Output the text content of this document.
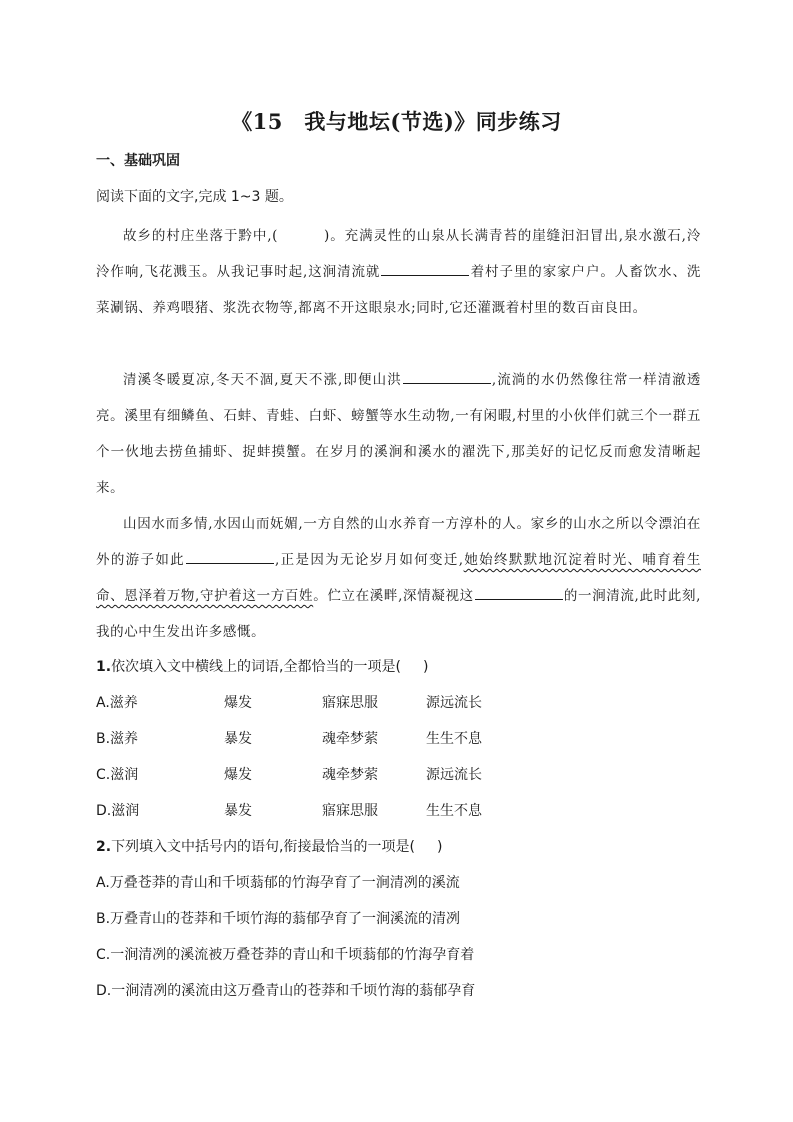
《15　我与地坛(节选)》同步练习
一、基础巩固
阅读下面的文字,完成 1~3 题。

故乡的村庄坐落于黔中,(	)。充满灵性的山泉从长满青苔的崖缝汩汩冒出,泉水激石,泠泠作响,飞花溅玉。从我记事时起,这涧清流就	着村子里的家家户户。人畜饮水、洗菜涮锅、养鸡喂猪、浆洗衣物等,都离不开这眼泉水;同时,它还灌溉着村里的数百亩良田。

清溪冬暖夏凉,冬天不涸,夏天不涨,即便山洪	,流淌的水仍然像往常一样清澈透亮。溪里有细鳞鱼、石蚌、青蛙、白虾、螃蟹等水生动物,一有闲暇,村里的小伙伴们就三个一群五个一伙地去捞鱼捕虾、捉蚌摸蟹。在岁月的溪涧和溪水的濯洗下,那美好的记忆反而愈发清晰起来。

山因水而多情,水因山而妩媚,一方自然的山水养育一方淳朴的人。家乡的山水之所以令漂泊在外的游子如此	,正是因为无论岁月如何变迁,她始终默默地沉淀着时光、哺育着生命、恩泽着万物,守护着这一方百姓。伫立在溪畔,深情凝视这	的一涧清流,此时此刻,我的心中生发出许多感慨。

1.依次填入文中横线上的词语,全都恰当的一项是( )
A.滋养	爆发	寤寐思服	源远流长
B.滋养	暴发	魂牵梦萦	生生不息
C.滋润	爆发	魂牵梦萦	源远流长
D.滋润	暴发	寤寐思服	生生不息
2.下列填入文中括号内的语句,衔接最恰当的一项是( )
A.万叠苍莽的青山和千顷蓊郁的竹海孕育了一涧清冽的溪流
B.万叠青山的苍莽和千顷竹海的蓊郁孕育了一涧溪流的清冽
C.一涧清冽的溪流被万叠苍莽的青山和千顷蓊郁的竹海孕育着
D.一涧清冽的溪流由这万叠青山的苍莽和千顷竹海的蓊郁孕育
